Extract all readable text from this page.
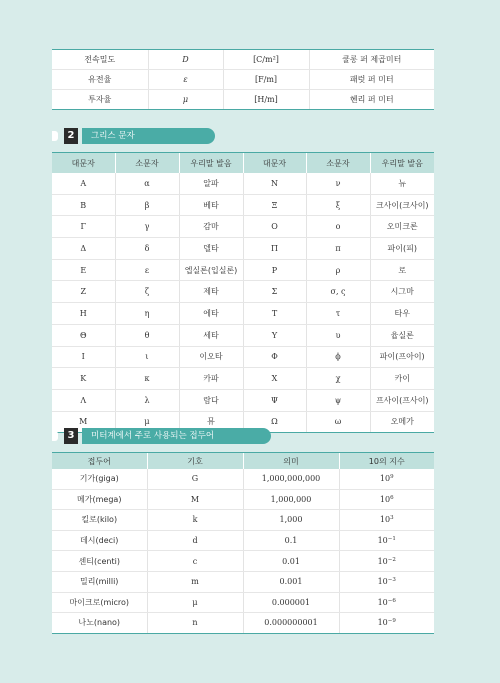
전속밀도	D	[C/m²]	쿨롱 퍼 제곱미터
유전율	ε	[F/m]	패럿 퍼 미터
투자율	μ	[H/m]	헨리 퍼 미터
2	그리스 문자
대문자	소문자	우리말 발음	대문자	소문자	우리말 발음
Α	α	알파	Ν	ν	뉴
Β	β	베타	Ξ	ξ	크사이(크사이)
Γ	γ	감마	Ο	ο	오미크론
Δ	δ	델타	Π	π	파이(피)
Ε	ε	엡실론(입실론)	Ρ	ρ	로
Ζ	ζ	제타	Σ	σ, ς	시그마
Η	η	에타	Τ	τ	타우
Θ	θ	세타	Υ	υ	윱실론
Ι	ι	이오타	Φ	ϕ	파이(프아이)
Κ	κ	카파	Χ	χ	카이
Λ	λ	람다	Ψ	ψ	프사이(프사이)
Μ	μ	뮤	Ω	ω	오메가
3	미터계에서 주로 사용되는 접두어
접두어	기호	의미	10의 지수
기가(giga)	G	1,000,000,000	$10^9$
메가(mega)	M	1,000,000	$10^6$
킬로(kilo)	k	1,000	$10^3$
데시(deci)	d	0.1	$10^{-1}$
센티(centi)	c	0.01	$10^{-2}$
밀리(milli)	m	0.001	$10^{-3}$
마이크로(micro)	μ	0.000001	$10^{-6}$
나노(nano)	n	0.000000001	$10^{-9}$
